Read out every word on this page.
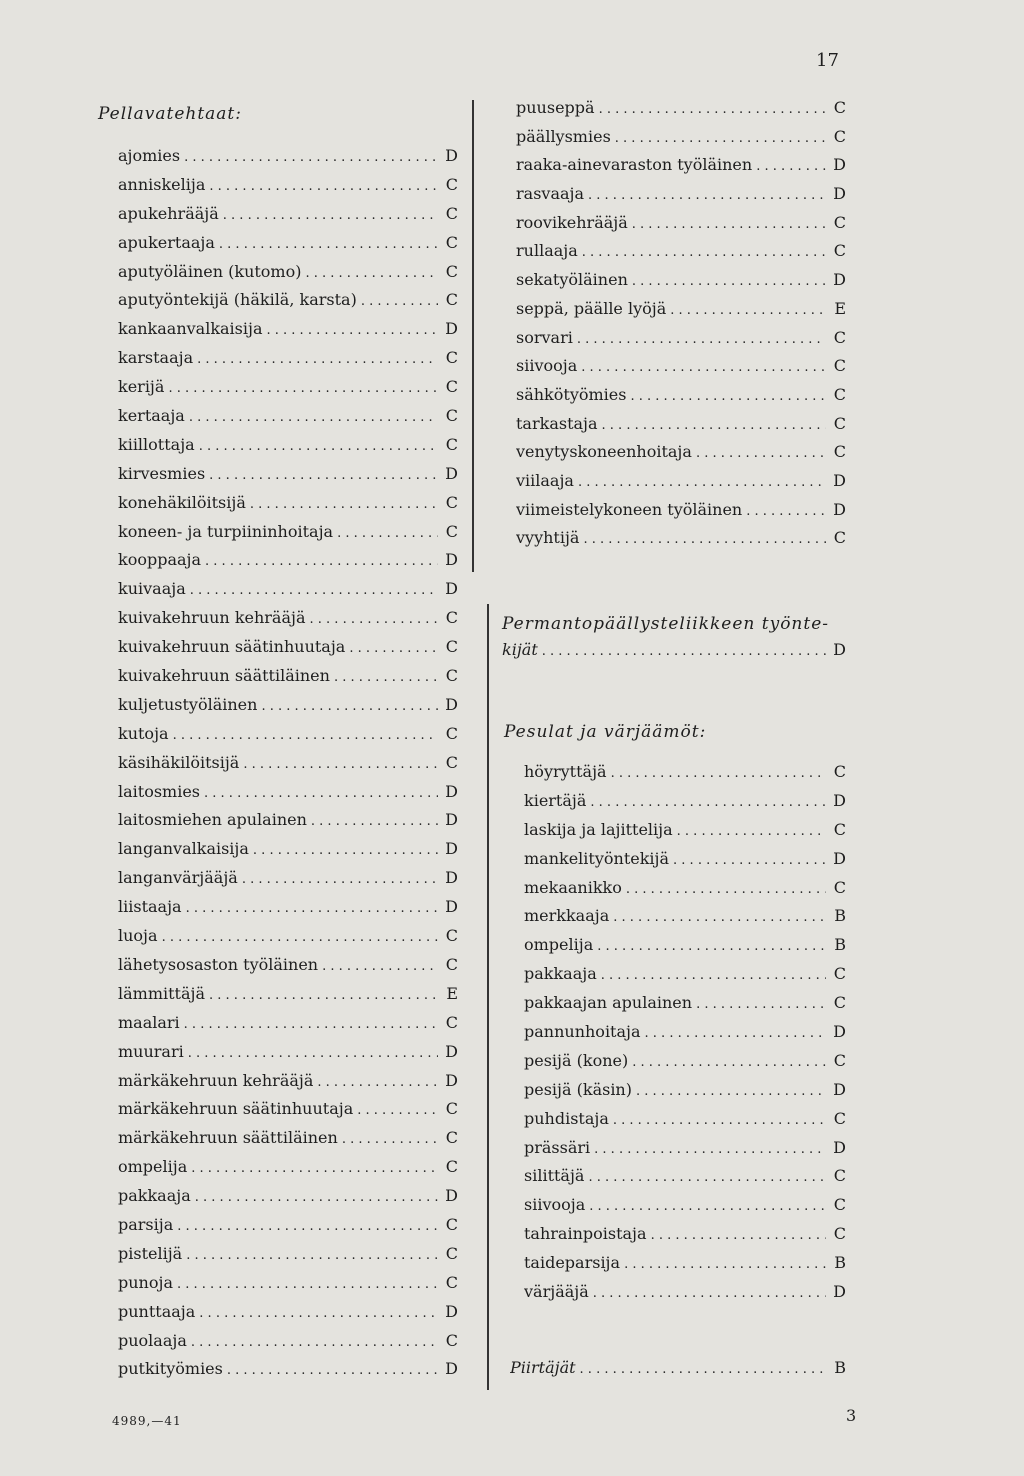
17
Pellavatehtaat:
ajomies . . .	D
anniskelija . . .	C
apukehrääjä . . .	C
apukertaaja . . .	C
aputyöläinen (kutomo) . . .	C
aputyöntekijä (häkilä, karsta) . . .	C
kankaanvalkaisija . . .	D
karstaaja . . .	C
kerijä . . .	C
kertaaja . . .	C
kiillottaja . . .	C
kirvesmies . . .	D
konehäkilöitsijä . . .	C
koneen- ja turpiininhoitaja . . .	C
kooppaaja . . .	D
kuivaaja . . .	D
kuivakehruun kehrääjä . . .	C
kuivakehruun säätinhuutaja . . .	C
kuivakehruun säättiläinen . . .	C
kuljetustyöläinen . . .	D
kutoja . . .	C
käsihäkilöitsijä . . .	C
laitosmies . . .	D
laitosmiehen apulainen . . .	D
langanvalkaisija . . .	D
langanvärjääjä . . .	D
liistaaja . . .	D
luoja . . .	C
lähetysosaston työläinen . . .	C
lämmittäjä . . .	E
maalari . . .	C
muurari . . .	D
märkäkehruun kehrääjä . . .	D
märkäkehruun säätinhuutaja . . .	C
märkäkehruun säättiläinen . . .	C
ompelija . . .	C
pakkaaja . . .	D
parsija . . .	C
pistelijä . . .	C
punoja . . .	C
punttaaja . . .	D
puolaaja . . .	C
putkityömies . . .	D
puuseppä . . .	C
päällysmies . . .	C
raaka-ainevaraston työläinen . . .	D
rasvaaja . . .	D
roovikehrääjä . . .	C
rullaaja . . .	C
sekatyöläinen . . .	D
seppä, päälle lyöjä . . .	E
sorvari . . .	C
siivooja . . .	C
sähkötyömies . . .	C
tarkastaja . . .	C
venytyskoneenhoitaja . . .	C
viilaaja . . .	D
viimeistelykoneen työläinen . . .	D
vyyhtijä . . .	C
Permantopäällysteliikkeen työnte-
kijät . . .	D
Pesulat ja värjäämöt:
höyryttäjä . . .	C
kiertäjä . . .	D
laskija ja lajittelija . . .	C
mankelityöntekijä . . .	D
mekaanikko . . .	C
merkkaaja . . .	B
ompelija . . .	B
pakkaaja . . .	C
pakkaajan apulainen . . .	C
pannunhoitaja . . .	D
pesijä (kone) . . .	C
pesijä (käsin) . . .	D
puhdistaja . . .	C
prässäri . . .	D
silittäjä . . .	C
siivooja . . .	C
tahrainpoistaja . . .	C
taideparsija . . .	B
värjääjä . . .	D
Piirtäjät . . .	B
4989,—41	3
